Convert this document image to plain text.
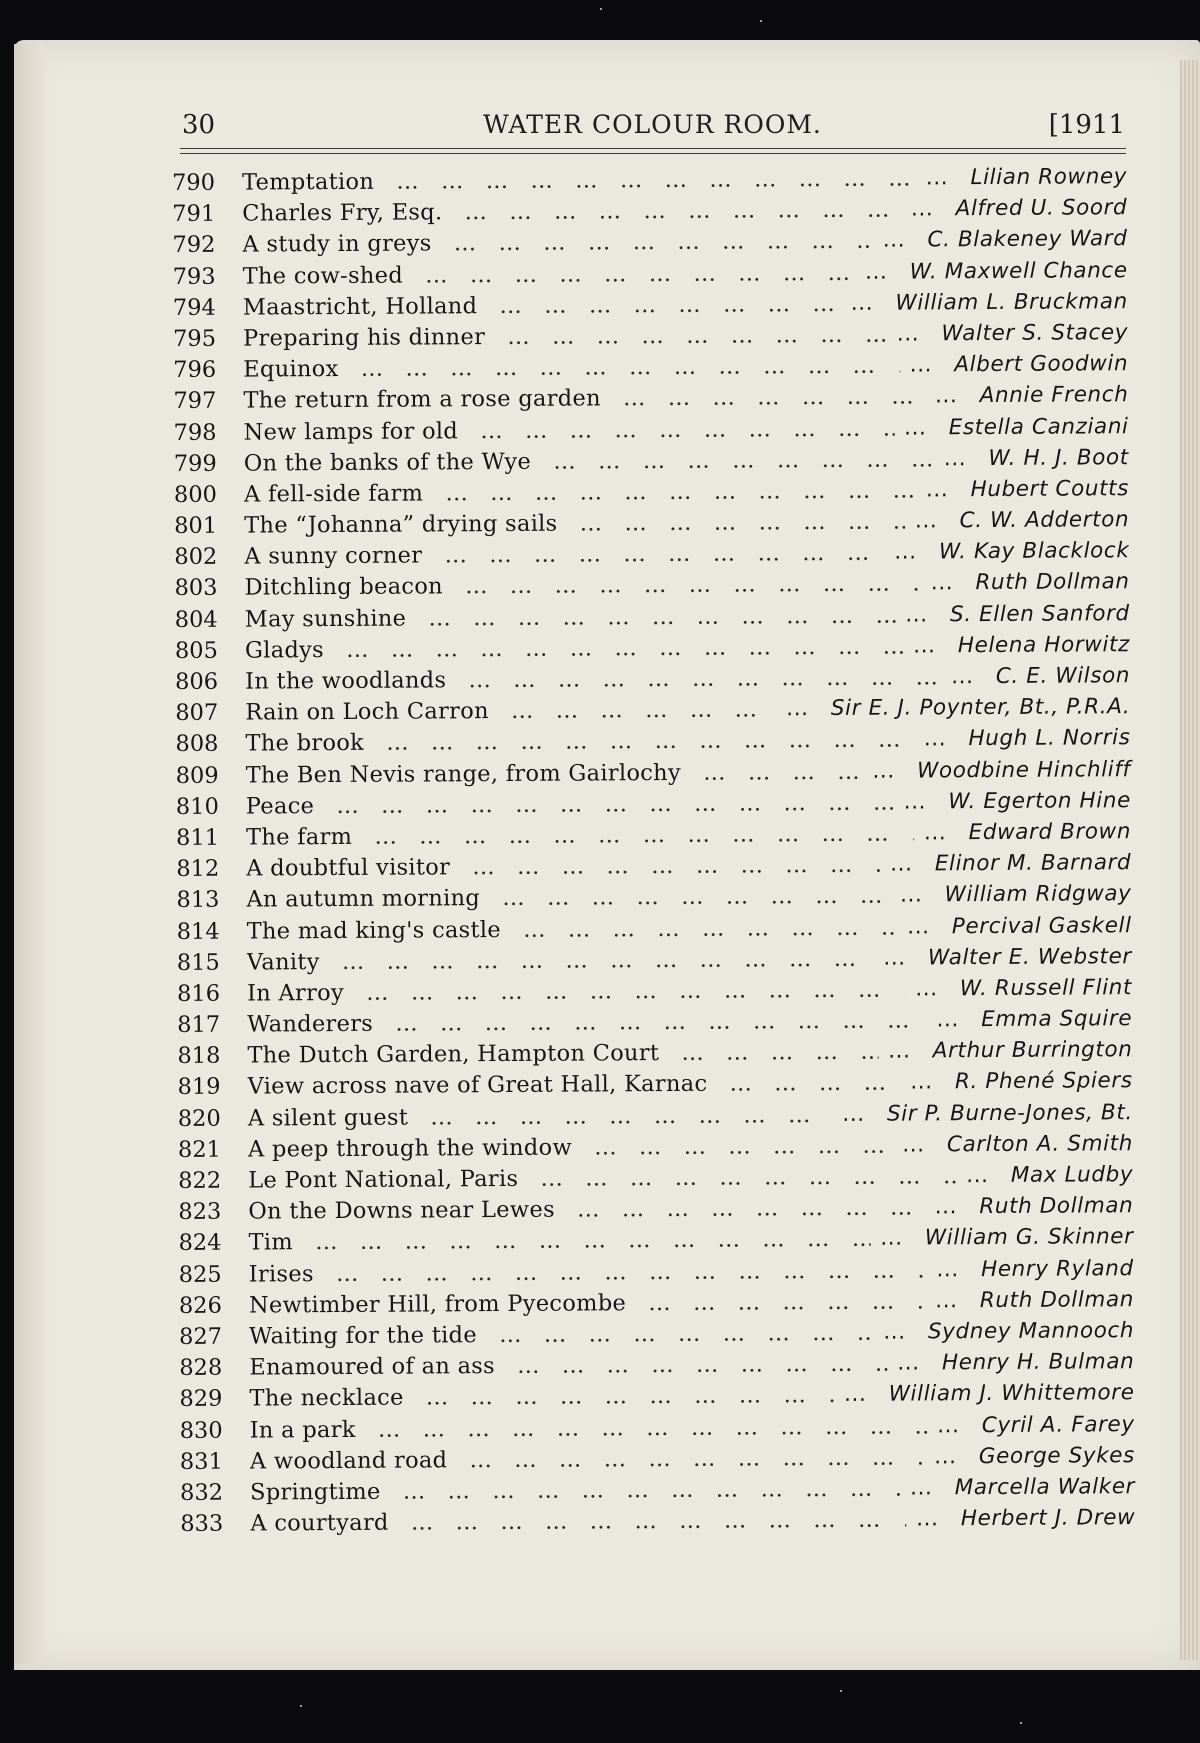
30	WATER COLOUR ROOM.	[1911
790	Temptation ...	... Lilian Rowney
791	Charles Fry, Esq. ...	... Alfred U. Soord
792	A study in greys ...	... C. Blakeney Ward
793	The cow-shed ...	... W. Maxwell Chance
794	Maastricht, Holland ...	... William L. Bruckman
795	Preparing his dinner ...	... Walter S. Stacey
796	Equinox ...	... Albert Goodwin
797	The return from a rose garden ...	... Annie French
798	New lamps for old ...	... Estella Canziani
799	On the banks of the Wye ...	... W. H. J. Boot
800	A fell-side farm ...	... Hubert Coutts
801	The “Johanna” drying sails ...	... C. W. Adderton
802	A sunny corner ...	... W. Kay Blacklock
803	Ditchling beacon ...	... Ruth Dollman
804	May sunshine ...	... S. Ellen Sanford
805	Gladys ...	... Helena Horwitz
806	In the woodlands ...	... C. E. Wilson
807	Rain on Loch Carron ...	... Sir E. J. Poynter, Bt., P.R.A.
808	The brook ...	... Hugh L. Norris
809	The Ben Nevis range, from Gairlochy ...	... Woodbine Hinchliff
810	Peace ...	... W. Egerton Hine
811	The farm ...	... Edward Brown
812	A doubtful visitor ...	... Elinor M. Barnard
813	An autumn morning ...	... William Ridgway
814	The mad king's castle ...	... Percival Gaskell
815	Vanity ...	... Walter E. Webster
816	In Arroy ...	... W. Russell Flint
817	Wanderers ...	... Emma Squire
818	The Dutch Garden, Hampton Court ...	... Arthur Burrington
819	View across nave of Great Hall, Karnac ...	... R. Phené Spiers
820	A silent guest ...	... Sir P. Burne-Jones, Bt.
821	A peep through the window ...	... Carlton A. Smith
822	Le Pont National, Paris ...	... Max Ludby
823	On the Downs near Lewes ...	... Ruth Dollman
824	Tim ...	... William G. Skinner
825	Irises ...	... Henry Ryland
826	Newtimber Hill, from Pyecombe ...	... Ruth Dollman
827	Waiting for the tide ...	... Sydney Mannooch
828	Enamoured of an ass ...	... Henry H. Bulman
829	The necklace ...	... William J. Whittemore
830	In a park ...	... Cyril A. Farey
831	A woodland road ...	... George Sykes
832	Springtime ...	... Marcella Walker
833	A courtyard ...	... Herbert J. Drew
